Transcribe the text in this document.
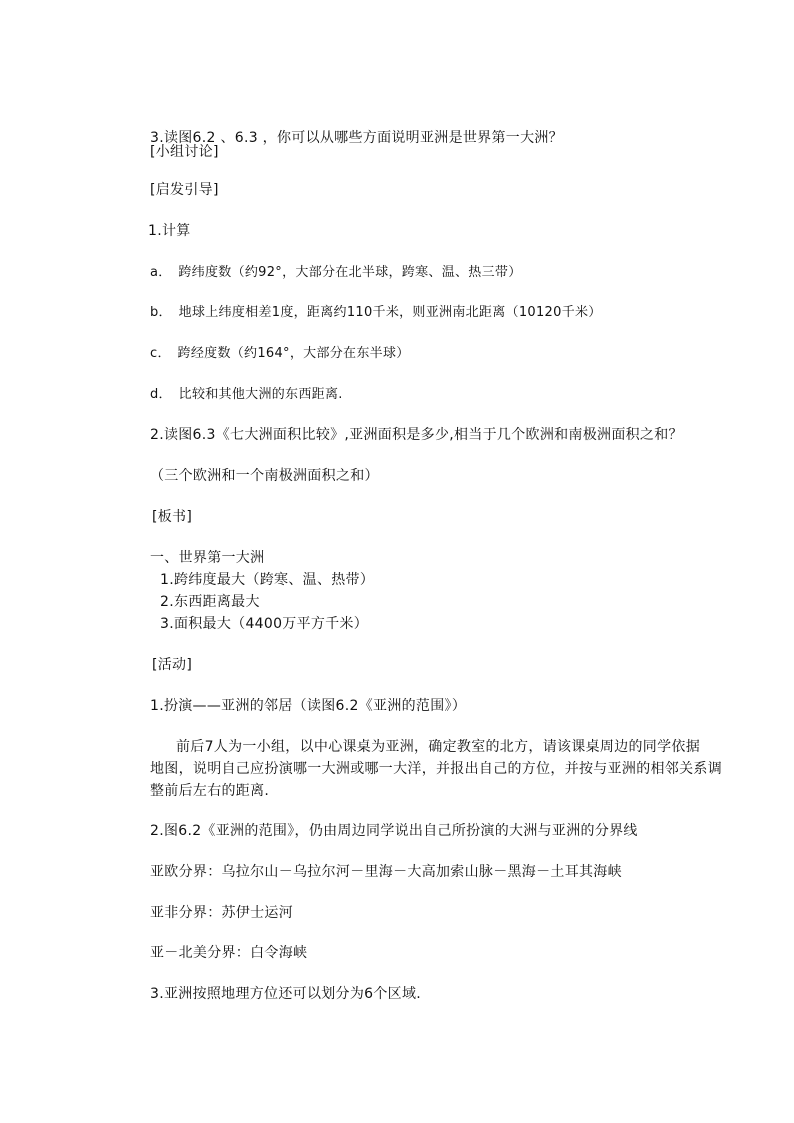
3.读图6.2 、6.3 ，你可以从哪些方面说明亚洲是世界第一大洲？
[小组讨论]
[启发引导]
1.计算
a．　跨纬度数（约92°，大部分在北半球，跨寒、温、热三带）
b．　地球上纬度相差1度，距离约110千米，则亚洲南北距离（10120千米）
c．　跨经度数（约164°，大部分在东半球）
d．　比较和其他大洲的东西距离.
2.读图6.3《七大洲面积比较》,亚洲面积是多少,相当于几个欧洲和南极洲面积之和？
（三个欧洲和一个南极洲面积之和）
[板书]
一、世界第一大洲
1.跨纬度最大（跨寒、温、热带）
2.东西距离最大
3.面积最大（4400万平方千米）
[活动]
1.扮演——亚洲的邻居（读图6.2《亚洲的范围》）
前后7人为一小组，以中心课桌为亚洲，确定教室的北方，请该课桌周边的同学依据
地图，说明自己应扮演哪一大洲或哪一大洋，并报出自己的方位，并按与亚洲的相邻关系调
整前后左右的距离.
2.图6.2《亚洲的范围》，仍由周边同学说出自己所扮演的大洲与亚洲的分界线
亚欧分界：乌拉尔山－乌拉尔河－里海－大高加索山脉－黑海－土耳其海峡
亚非分界：苏伊士运河
亚－北美分界：白令海峡
3.亚洲按照地理方位还可以划分为6个区域.
